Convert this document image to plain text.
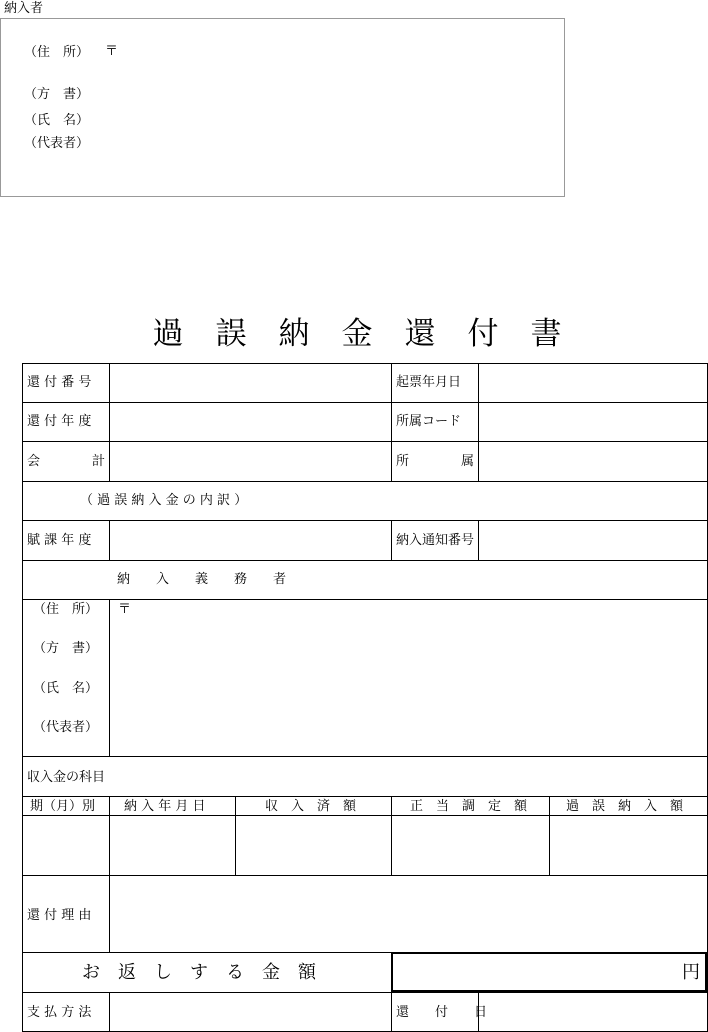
納入者
（住　所） 〒
（方　書）
（氏　名）
（代表者）
過誤納金還付書
還 付 番 号	起票年月日
還 付 年 度	所属コード
会　　　　計	所　　　　属
（ 過 誤 納 入 金 の 内 訳 ）
賦 課 年 度	納入通知番号
納　　入　　義　　務　　者
（住　所） 〒
（方　書）
（氏　名）
（代表者）
収入金の科目
期（月）別 納 入 年 月 日	収　入　済　額	正　当　調　定　額	過　誤　納　入　額
還 付 理 由
お　返　し　す　る　金　額	円
支 払 方 法	還　　付　　日
